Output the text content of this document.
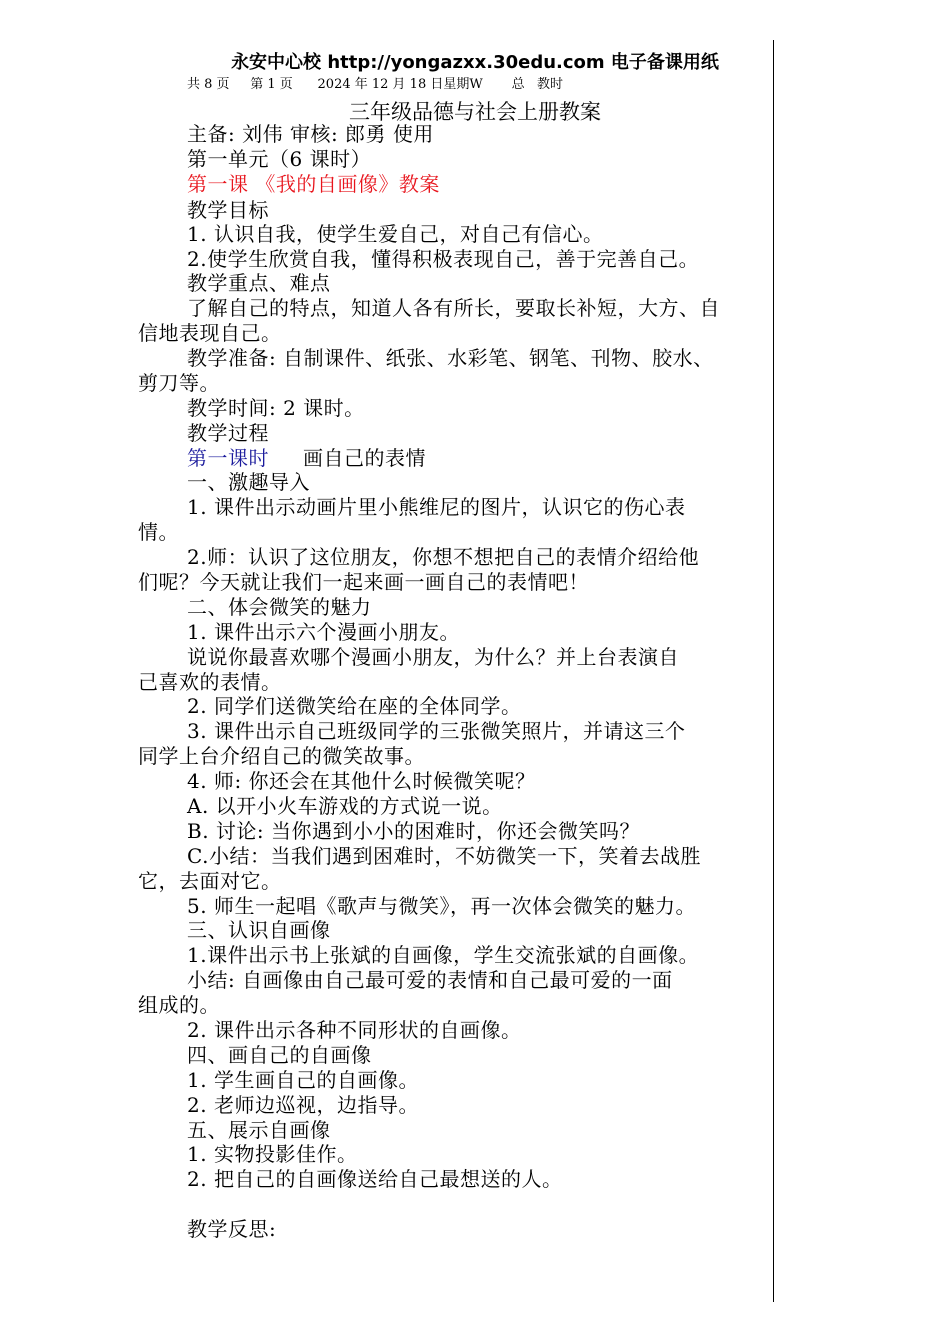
永安中心校 http://yongazxx.30edu.com 电子备课用纸
共 8 页     第 1 页      2024 年 12 月 18 日星期W       总   教时
三年级品德与社会上册教案
主备: 刘伟 审核: 郎勇 使用
第一单元（6 课时）
第一课 《我的自画像》教案
教学目标
1. 认识自我，使学生爱自己，对自己有信心。
2.使学生欣赏自我，懂得积极表现自己，善于完善自己。
教学重点、难点
了解自己的特点，知道人各有所长，要取长补短，大方、自
信地表现自己。
教学准备: 自制课件、纸张、水彩笔、钢笔、刊物、胶水、
剪刀等。
教学时间: 2 课时。
教学过程
第一课时 画自己的表情
一、激趣导入
1. 课件出示动画片里小熊维尼的图片，认识它的伤心表
情。
2.师：认识了这位朋友，你想不想把自己的表情介绍给他
们呢？今天就让我们一起来画一画自己的表情吧！
二、体会微笑的魅力
1. 课件出示六个漫画小朋友。
说说你最喜欢哪个漫画小朋友，为什么？并上台表演自
己喜欢的表情。
2. 同学们送微笑给在座的全体同学。
3. 课件出示自己班级同学的三张微笑照片，并请这三个
同学上台介绍自己的微笑故事。
4. 师: 你还会在其他什么时候微笑呢？
A. 以开小火车游戏的方式说一说。
B. 讨论: 当你遇到小小的困难时，你还会微笑吗？
C.小结：当我们遇到困难时，不妨微笑一下，笑着去战胜
它，去面对它。
5. 师生一起唱《歌声与微笑》，再一次体会微笑的魅力。
三、认识自画像
1.课件出示书上张斌的自画像，学生交流张斌的自画像。
小结: 自画像由自己最可爱的表情和自己最可爱的一面
组成的。
2. 课件出示各种不同形状的自画像。
四、画自己的自画像
1. 学生画自己的自画像。
2. 老师边巡视，边指导。
五、展示自画像
1. 实物投影佳作。
2. 把自己的自画像送给自己最想送的人。
教学反思:
